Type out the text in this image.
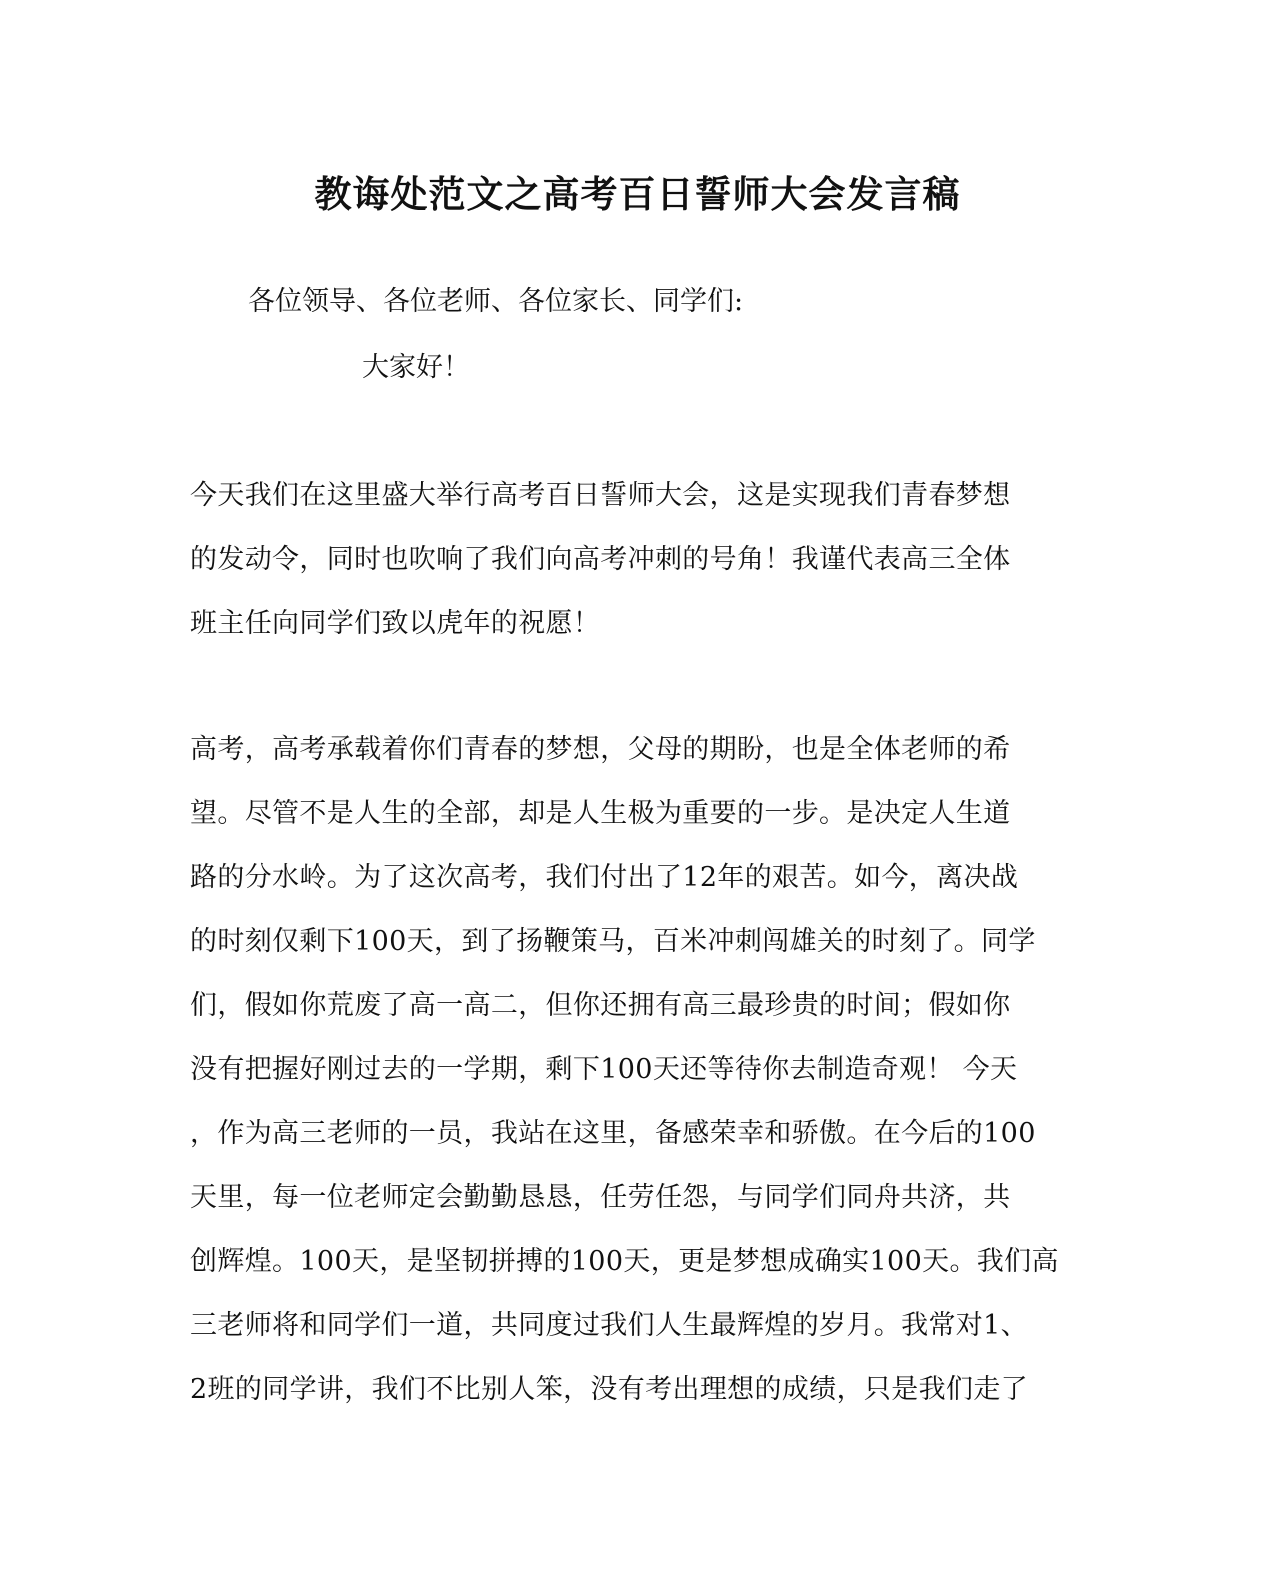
教诲处范文之高考百日誓师大会发言稿

各位领导、各位老师、各位家长、同学们:

大家好！

今天我们在这里盛大举行高考百日誓师大会，这是实现我们青春梦想
的发动令，同时也吹响了我们向高考冲刺的号角！我谨代表高三全体
班主任向同学们致以虎年的祝愿！
高考，高考承载着你们青春的梦想，父母的期盼，也是全体老师的希
望。尽管不是人生的全部，却是人生极为重要的一步。是决定人生道
路的分水岭。为了这次高考，我们付出了12年的艰苦。如今，离决战
的时刻仅剩下100天，到了扬鞭策马，百米冲刺闯雄关的时刻了。同学
们，假如你荒废了高一高二，但你还拥有高三最珍贵的时间；假如你
没有把握好刚过去的一学期，剩下100天还等待你去制造奇观！ 今天
，作为高三老师的一员，我站在这里，备感荣幸和骄傲。在今后的100
天里，每一位老师定会勤勤恳恳，任劳任怨，与同学们同舟共济，共
创辉煌。100天，是坚韧拼搏的100天，更是梦想成确实100天。我们高
三老师将和同学们一道，共同度过我们人生最辉煌的岁月。我常对1、
2班的同学讲，我们不比别人笨，没有考出理想的成绩，只是我们走了
